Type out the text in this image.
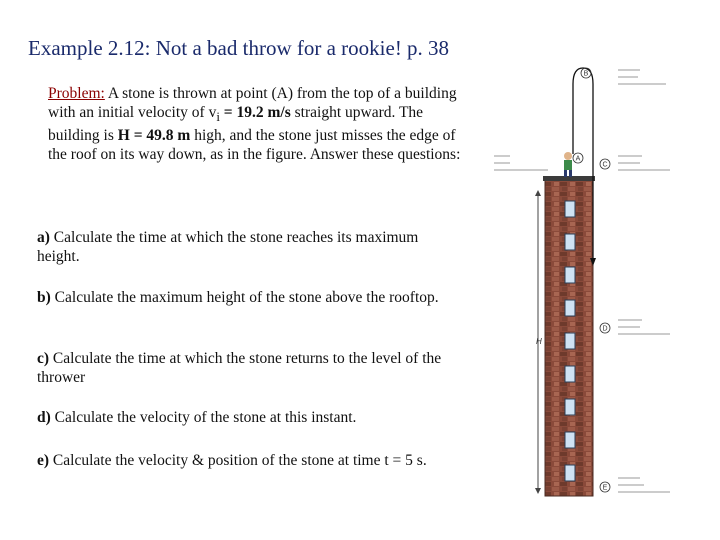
Example 2.12: Not a bad throw for a rookie! p. 38
Problem: A stone is thrown at point (A) from the top of a building with an initial velocity of $v_i = 19.2$ m/s straight upward. The building is H = 49.8 m high, and the stone just misses the edge of the roof on its way down, as in the figure. Answer these questions:
a) Calculate the time at which the stone reaches its maximum height.
b) Calculate the maximum height of the stone above the rooftop.
c) Calculate the time at which the stone returns to the level of the thrower
d) Calculate the velocity of the stone at this instant.
e) Calculate the velocity & position of the stone at time t = 5 s.
H
B
A
C
D
E
